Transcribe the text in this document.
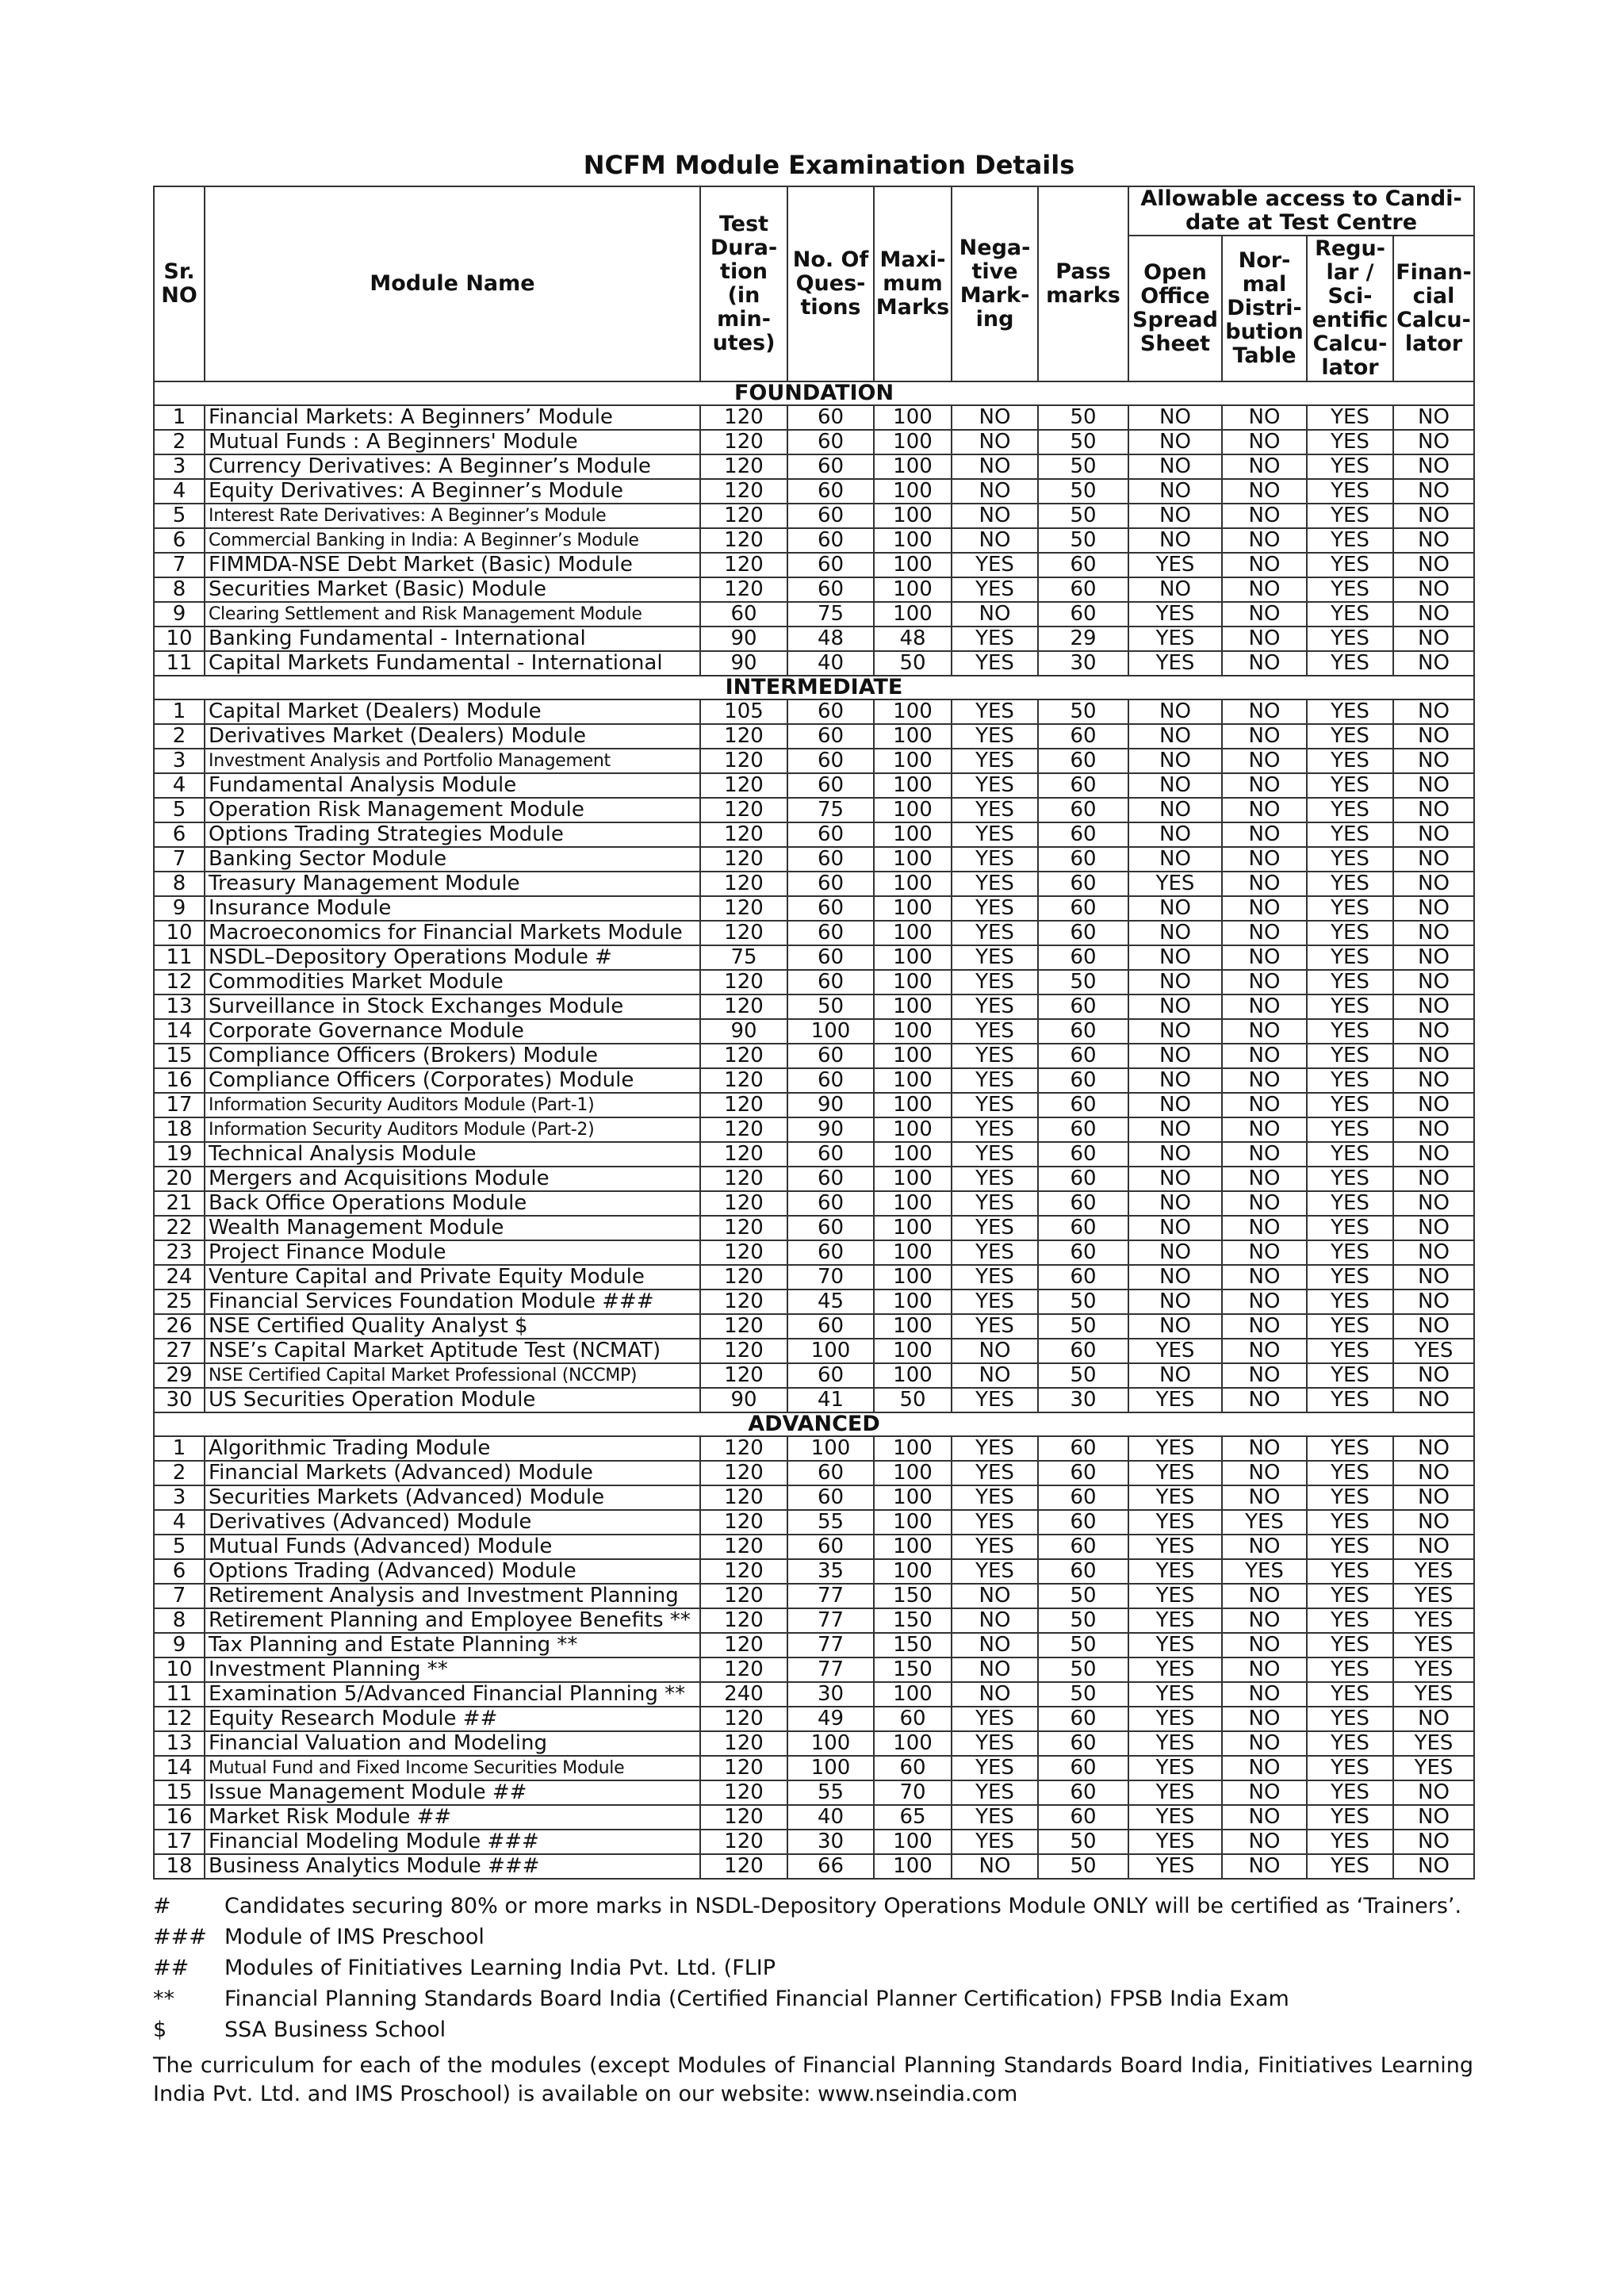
NCFM Module Examination Details
Sr. NO	Module Name	Test Dura- tion (in min- utes)	No. Of Ques- tions	Maxi- mum Marks	Nega- tive Mark- ing	Pass marks	Allowable access to Candi- date at Test Centre			
							Open Office Spread Sheet	Nor- mal Distri- bution Table	Regu- lar / Sci- entific Calcu- lator	Finan- cial Calcu- lator
FOUNDATION										
1	Financial Markets: A Beginners’ Module	120	60	100	NO	50	NO	NO	YES	NO
2	Mutual Funds : A Beginners' Module	120	60	100	NO	50	NO	NO	YES	NO
3	Currency Derivatives: A Beginner’s Module	120	60	100	NO	50	NO	NO	YES	NO
4	Equity Derivatives: A Beginner’s Module	120	60	100	NO	50	NO	NO	YES	NO
5	Interest Rate Derivatives: A Beginner’s Module	120	60	100	NO	50	NO	NO	YES	NO
6	Commercial Banking in India: A Beginner’s Module	120	60	100	NO	50	NO	NO	YES	NO
7	FIMMDA-NSE Debt Market (Basic) Module	120	60	100	YES	60	YES	NO	YES	NO
8	Securities Market (Basic) Module	120	60	100	YES	60	NO	NO	YES	NO
9	Clearing Settlement and Risk Management Module	60	75	100	NO	60	YES	NO	YES	NO
10	Banking Fundamental - International	90	48	48	YES	29	YES	NO	YES	NO
11	Capital Markets Fundamental - International	90	40	50	YES	30	YES	NO	YES	NO
INTERMEDIATE										
1	Capital Market (Dealers) Module	105	60	100	YES	50	NO	NO	YES	NO
2	Derivatives Market (Dealers) Module	120	60	100	YES	60	NO	NO	YES	NO
3	Investment Analysis and Portfolio Management	120	60	100	YES	60	NO	NO	YES	NO
4	Fundamental Analysis Module	120	60	100	YES	60	NO	NO	YES	NO
5	Operation Risk Management Module	120	75	100	YES	60	NO	NO	YES	NO
6	Options Trading Strategies Module	120	60	100	YES	60	NO	NO	YES	NO
7	Banking Sector Module	120	60	100	YES	60	NO	NO	YES	NO
8	Treasury Management Module	120	60	100	YES	60	YES	NO	YES	NO
9	Insurance Module	120	60	100	YES	60	NO	NO	YES	NO
10	Macroeconomics for Financial Markets Module	120	60	100	YES	60	NO	NO	YES	NO
11	NSDL–Depository Operations Module #	75	60	100	YES	60	NO	NO	YES	NO
12	Commodities Market Module	120	60	100	YES	50	NO	NO	YES	NO
13	Surveillance in Stock Exchanges Module	120	50	100	YES	60	NO	NO	YES	NO
14	Corporate Governance Module	90	100	100	YES	60	NO	NO	YES	NO
15	Compliance Officers (Brokers) Module	120	60	100	YES	60	NO	NO	YES	NO
16	Compliance Officers (Corporates) Module	120	60	100	YES	60	NO	NO	YES	NO
17	Information Security Auditors Module (Part-1)	120	90	100	YES	60	NO	NO	YES	NO
18	Information Security Auditors Module (Part-2)	120	90	100	YES	60	NO	NO	YES	NO
19	Technical Analysis Module	120	60	100	YES	60	NO	NO	YES	NO
20	Mergers and Acquisitions Module	120	60	100	YES	60	NO	NO	YES	NO
21	Back Office Operations Module	120	60	100	YES	60	NO	NO	YES	NO
22	Wealth Management Module	120	60	100	YES	60	NO	NO	YES	NO
23	Project Finance Module	120	60	100	YES	60	NO	NO	YES	NO
24	Venture Capital and Private Equity Module	120	70	100	YES	60	NO	NO	YES	NO
25	Financial Services Foundation Module ###	120	45	100	YES	50	NO	NO	YES	NO
26	NSE Certified Quality Analyst $	120	60	100	YES	50	NO	NO	YES	NO
27	NSE’s Capital Market Aptitude Test (NCMAT)	120	100	100	NO	60	YES	NO	YES	YES
29	NSE Certified Capital Market Professional (NCCMP)	120	60	100	NO	50	NO	NO	YES	NO
30	US Securities Operation Module	90	41	50	YES	30	YES	NO	YES	NO
ADVANCED										
1	Algorithmic Trading Module	120	100	100	YES	60	YES	NO	YES	NO
2	Financial Markets (Advanced) Module	120	60	100	YES	60	YES	NO	YES	NO
3	Securities Markets (Advanced) Module	120	60	100	YES	60	YES	NO	YES	NO
4	Derivatives (Advanced) Module	120	55	100	YES	60	YES	YES	YES	NO
5	Mutual Funds (Advanced) Module	120	60	100	YES	60	YES	NO	YES	NO
6	Options Trading (Advanced) Module	120	35	100	YES	60	YES	YES	YES	YES
7	Retirement Analysis and Investment Planning	120	77	150	NO	50	YES	NO	YES	YES
8	Retirement Planning and Employee Benefits **	120	77	150	NO	50	YES	NO	YES	YES
9	Tax Planning and Estate Planning **	120	77	150	NO	50	YES	NO	YES	YES
10	Investment Planning **	120	77	150	NO	50	YES	NO	YES	YES
11	Examination 5/Advanced Financial Planning **	240	30	100	NO	50	YES	NO	YES	YES
12	Equity Research Module ##	120	49	60	YES	60	YES	NO	YES	NO
13	Financial Valuation and Modeling	120	100	100	YES	60	YES	NO	YES	YES
14	Mutual Fund and Fixed Income Securities Module	120	100	60	YES	60	YES	NO	YES	YES
15	Issue Management Module ##	120	55	70	YES	60	YES	NO	YES	NO
16	Market Risk Module ##	120	40	65	YES	60	YES	NO	YES	NO
17	Financial Modeling Module ###	120	30	100	YES	50	YES	NO	YES	NO
18	Business Analytics Module ###	120	66	100	NO	50	YES	NO	YES	NO
#	Candidates securing 80% or more marks in NSDL-Depository Operations Module ONLY will be certified as ‘Trainers’.
### Module of IMS Preschool
##	Modules of Finitiatives Learning India Pvt. Ltd. (FLIP
**	Financial Planning Standards Board India (Certified Financial Planner Certification) FPSB India Exam
$	SSA Business School
The curriculum for each of the modules (except Modules of Financial Planning Standards Board India, Finitiatives Learning India Pvt. Ltd. and IMS Proschool) is available on our website: www.nseindia.com
